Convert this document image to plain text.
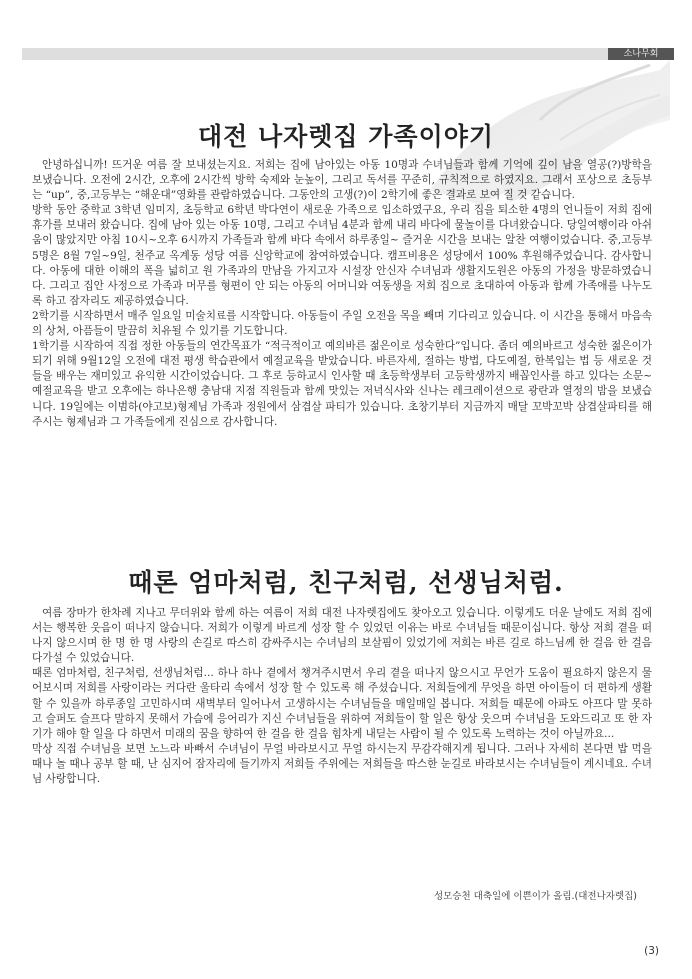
소나무회
대전 나자렛집 가족이야기

안녕하십니까! 뜨거운 여름 잘 보내셨는지요. 저희는 집에 남아있는 아동 10명과 수녀님들과 함께 기억에 깊이 남을 열공(?)방학을 보냈습니다. 오전에 2시간, 오후에 2시간씩 방학 숙제와 눈높이, 그리고 독서를 꾸준히, 규칙적으로 하였지요. 그래서 포상으로 초등부는 “up”, 중,고등부는 “해운대”영화를 관람하였습니다. 그동안의 고생(?)이 2학기에 좋은 결과로 보여 질 것 같습니다.

방학 동안 중학교 3학년 임미지, 초등학교 6학년 박다연이 새로운 가족으로 입소하였구요, 우리 집을 퇴소한 4명의 언니들이 저희 집에 휴가를 보내러 왔습니다. 집에 남아 있는 아동 10명, 그리고 수녀님 4분과 함께 내리 바다에 물놀이를 다녀왔습니다. 당일여행이라 아쉬움이 많았지만 아침 10시~오후 6시까지 가족들과 함께 바다 속에서 하루종일~ 즐거운 시간을 보내는 알찬 여행이었습니다. 중,고등부 5명은 8월 7일~9일, 천주교 옥계동 성당 여름 신앙학교에 참여하였습니다. 캠프비용은 성당에서 100% 후원해주었습니다. 감사합니다. 아동에 대한 이해의 폭을 넓히고 원 가족과의 만남을 가지고자 시설장 안신자 수녀님과 생활지도원은 아동의 가정을 방문하였습니다. 그리고 집안 사정으로 가족과 머무를 형편이 안 되는 아동의 어머니와 여동생을 저희 집으로 초대하여 아동과 함께 가족애를 나누도록 하고 잠자리도 제공하였습니다.

2학기를 시작하면서 매주 일요일 미술치료를 시작합니다. 아동들이 주일 오전을 목을 빼며 기다리고 있습니다. 이 시간을 통해서 마음속의 상처, 아픔들이 말끔히 치유될 수 있기를 기도합니다.

1학기를 시작하여 직접 정한 아동들의 연간목표가 “적극적이고 예의바른 젊은이로 성숙한다”입니다. 좀더 예의바르고 성숙한 젊은이가 되기 위해 9월12일 오전에 대전 평생 학습관에서 예절교육을 받았습니다. 바른자세, 절하는 방법, 다도예절, 한복입는 법 등 새로운 것들을 배우는 재미있고 유익한 시간이었습니다. 그 후로 등하교시 인사할 때 초등학생부터 고등학생까지 배꼽인사를 하고 있다는 소문~ 예절교육을 받고 오후에는 하나은행 충남대 지점 직원들과 함께 맛있는 저녁식사와 신나는 레크레이션으로 광란과 열정의 밤을 보냈습니다. 19일에는 이범하(야고보)형제님 가족과 정원에서 삼겹살 파티가 있습니다. 초창기부터 지금까지 매달 꼬박꼬박 삼겹살파티를 해주시는 형제님과 그 가족들에게 진심으로 감사합니다.

때론 엄마처럼, 친구처럼, 선생님처럼.

여름 장마가 한차례 지나고 무더위와 함께 하는 여름이 저희 대전 나자렛집에도 찾아오고 있습니다. 이렇게도 더운 날에도 저희 집에서는 행복한 웃음이 떠나지 않습니다. 저희가 이렇게 바르게 성장 할 수 있었던 이유는 바로 수녀님들 때문이십니다. 항상 저희 곁을 떠나지 않으시며 한 명 한 명 사랑의 손길로 따스히 감싸주시는 수녀님의 보살핌이 있었기에 저희는 바른 길로 하느님께 한 걸음 한 걸음 다가설 수 있었습니다.

때론 엄마처럼, 친구처럼, 선생님처럼... 하나 하나 곁에서 챙겨주시면서 우리 곁을 떠나지 않으시고 무언가 도움이 필요하지 않은지 물어보시며 저희를 사랑이라는 커다란 울타리 속에서 성장 할 수 있도록 해 주셨습니다. 저희들에게 무엇을 하면 아이들이 더 편하게 생활 할 수 있을까 하루종일 고민하시며 새벽부터 일어나서 고생하시는 수녀님들을 매일매일 봅니다. 저희들 때문에 아파도 아프다 말 못하고 슬퍼도 슬프다 말하지 못해서 가슴에 응어리가 지신 수녀님들을 위하여 저희들이 할 일은 항상 웃으며 수녀님을 도와드리고 또 한 자기가 해야 할 일을 다 하면서 미래의 꿈을 향하여 한 걸음 한 걸음 힘차게 내딛는 사람이 될 수 있도록 노력하는 것이 아닐까요...

막상 직접 수녀님을 보면 노느라 바빠서 수녀님이 무얼 바라보시고 무얼 하시는지 무감각해지게 됩니다. 그러나 자세히 본다면 밥 먹을 때나 놀 때나 공부 할 때, 난 심지어 잠자리에 들기까지 저희들 주위에는 저희들을 따스한 눈길로 바라보시는 수녀님들이 계시네요. 수녀님 사랑합니다.

성모승천 대축일에 이쁜이가 올림.(대전나자렛집)
(3)
